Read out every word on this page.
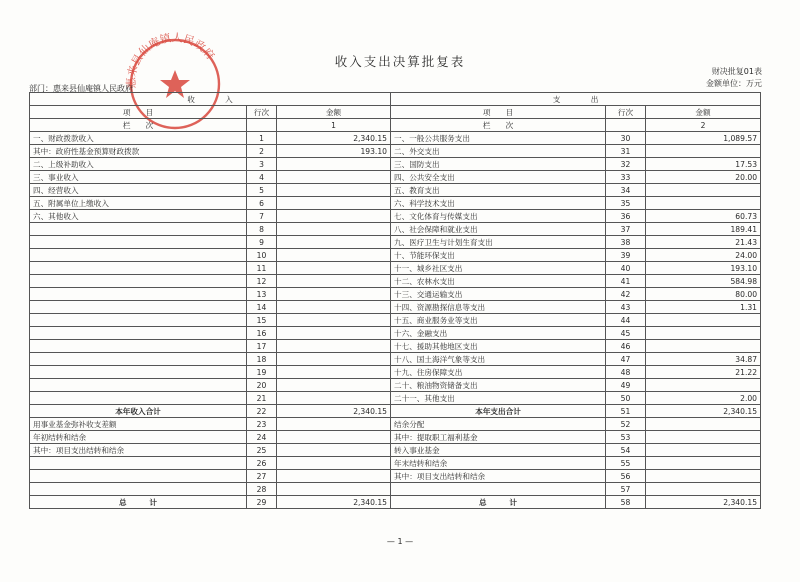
惠来县仙庵镇人民政府	收入支出决算批复表
财决批复01表
金额单位：万元
部门：惠来县仙庵镇人民政府
收　　　　入			支　　　　出		
项　　目	行次	金额	项　　目	行次	金额
栏　　次		1	栏　　次		2
一、财政拨款收入	1	2,340.15	一、一般公共服务支出	30	1,089.57
其中：政府性基金预算财政拨款	2	193.10	二、外交支出	31	
二、上级补助收入	3		三、国防支出	32	17.53
三、事业收入	4		四、公共安全支出	33	20.00
四、经营收入	5		五、教育支出	34	
五、附属单位上缴收入	6		六、科学技术支出	35	
六、其他收入	7		七、文化体育与传媒支出	36	60.73
	8		八、社会保障和就业支出	37	189.41
	9		九、医疗卫生与计划生育支出	38	21.43
	10		十、节能环保支出	39	24.00
	11		十一、城乡社区支出	40	193.10
	12		十二、农林水支出	41	584.98
	13		十三、交通运输支出	42	80.00
	14		十四、资源勘探信息等支出	43	1.31
	15		十五、商业服务业等支出	44	
	16		十六、金融支出	45	
	17		十七、援助其他地区支出	46	
	18		十八、国土海洋气象等支出	47	34.87
	19		十九、住房保障支出	48	21.22
	20		二十、粮油物资储备支出	49	
	21		二十一、其他支出	50	2.00
本年收入合计	22	2,340.15	本年支出合计	51	2,340.15
用事业基金弥补收支差额	23		结余分配	52	
年初结转和结余	24		其中：提取职工福利基金	53	
其中：项目支出结转和结余	25		转入事业基金	54	
	26		年末结转和结余	55	
	27		其中：项目支出结转和结余	56	
	28			57	
总　　　计	29	2,340.15	总　　　计	58	2,340.15
— 1 —
